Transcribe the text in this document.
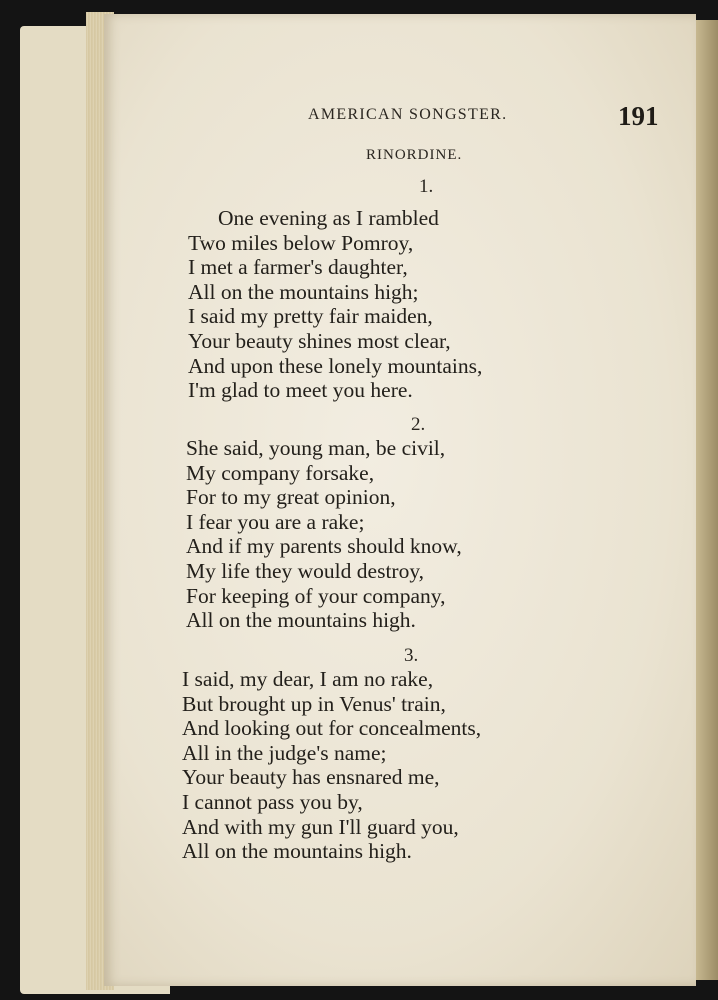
AMERICAN SONGSTER.	191
RINORDINE.
1.
One evening as I rambled
Two miles below Pomroy,
I met a farmer's daughter,
All on the mountains high;
I said my pretty fair maiden,
Your beauty shines most clear,
And upon these lonely mountains,
I'm glad to meet you here.
2.
She said, young man, be civil,
My company forsake,
For to my great opinion,
I fear you are a rake;
And if my parents should know,
My life they would destroy,
For keeping of your company,
All on the mountains high.
3.
I said, my dear, I am no rake,
But brought up in Venus' train,
And looking out for concealments,
All in the judge's name;
Your beauty has ensnared me,
I cannot pass you by,
And with my gun I'll guard you,
All on the mountains high.
